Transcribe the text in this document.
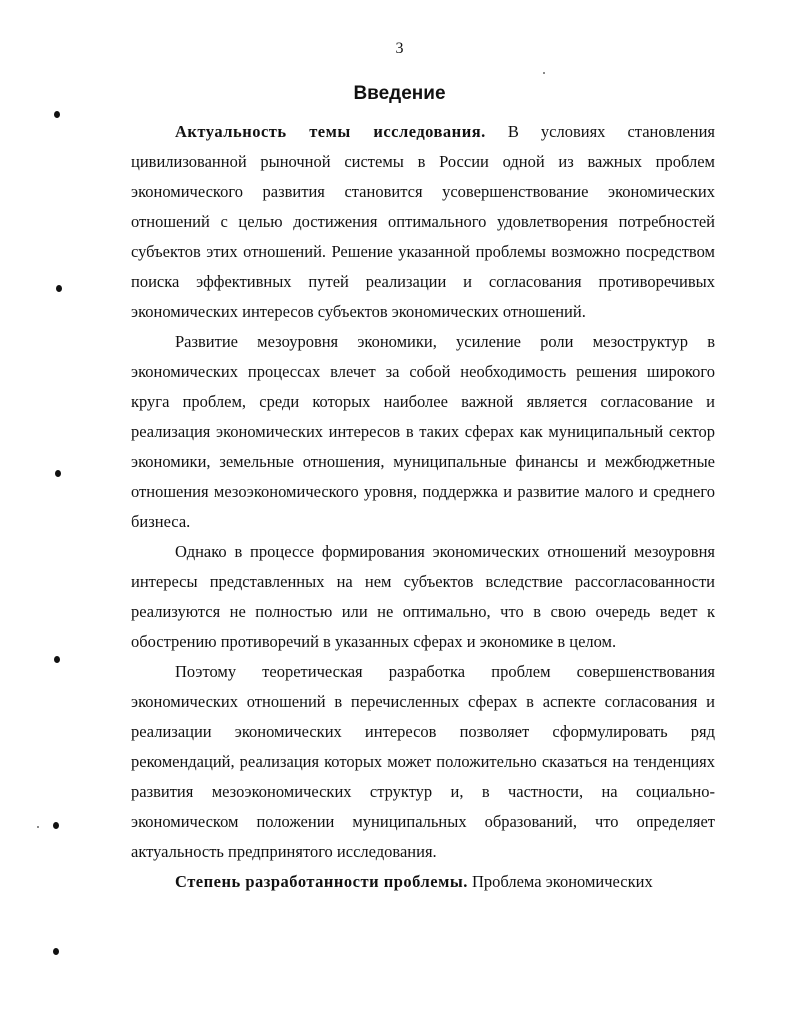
3
Введение

Актуальность темы исследования. В условиях становления цивилизованной рыночной системы в России одной из важных проблем экономического развития становится усовершенствование экономических отношений с целью достижения оптимального удовлетворения потребностей субъектов этих отношений. Решение указанной проблемы возможно посредством поиска эффективных путей реализации и согласования противоречивых экономических интересов субъектов экономических отношений.

Развитие мезоуровня экономики, усиление роли мезоструктур в экономических процессах влечет за собой необходимость решения широкого круга проблем, среди которых наиболее важной является согласование и реализация экономических интересов в таких сферах как муниципальный сектор экономики, земельные отношения, муниципальные финансы и межбюджетные отношения мезоэкономического уровня, поддержка и развитие малого и среднего бизнеса.

Однако в процессе формирования экономических отношений мезоуровня интересы представленных на нем субъектов вследствие рассогласованности реализуются не полностью или не оптимально, что в свою очередь ведет к обострению противоречий в указанных сферах и экономике в целом.

Поэтому теоретическая разработка проблем совершенствования экономических отношений в перечисленных сферах в аспекте согласования и реализации экономических интересов позволяет сформулировать ряд рекомендаций, реализация которых может положительно сказаться на тенденциях развития мезоэкономических структур и, в частности, на социально-экономическом положении муниципальных образований, что определяет актуальность предпринятого исследования.

Степень разработанности проблемы. Проблема экономических
